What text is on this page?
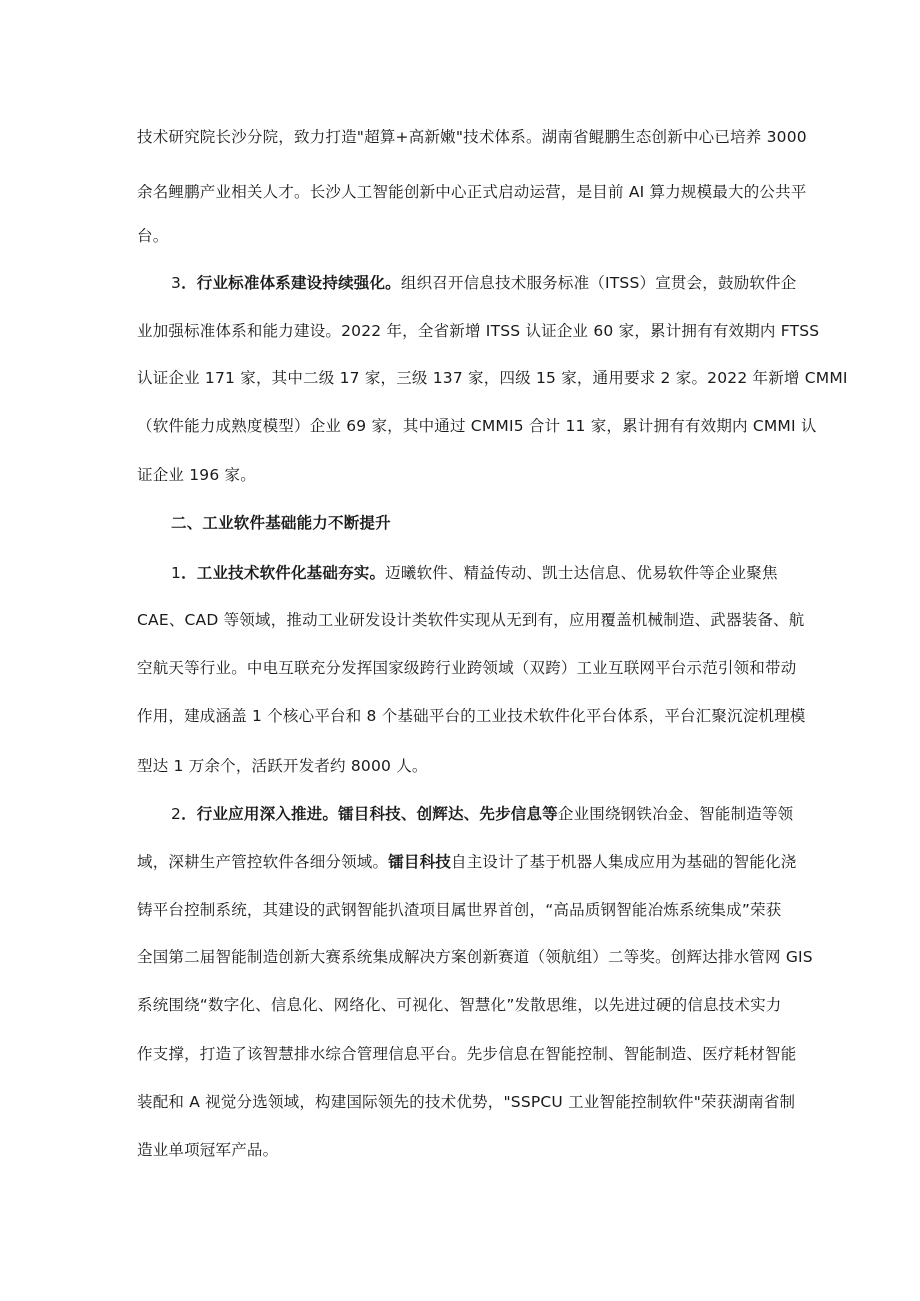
技术研究院长沙分院，致力打造"超算+高新嫩"技术体系。湖南省鲲鹏生态创新中心已培养 3000
余名鲤鹏产业相关人才。长沙人工智能创新中心正式启动运营，是目前 AI 算力规模最大的公共平
台。
3．行业标准体系建设持续强化。组织召开信息技术服务标准（ITSS）宣贯会，鼓励软件企
业加强标准体系和能力建设。2022 年，全省新增 ITSS 认证企业 60 家，累计拥有有效期内 FTSS
认证企业 171 家，其中二级 17 家，三级 137 家，四级 15 家，通用要求 2 家。2022 年新增 CMMI
（软件能力成熟度模型）企业 69 家，其中通过 CMMI5 合计 11 家，累计拥有有效期内 CMMI 认
证企业 196 家。
二、工业软件基础能力不断提升
1．工业技术软件化基础夯实。迈曦软件、精益传动、凯士达信息、优易软件等企业聚焦
CAE、CAD 等领域，推动工业研发设计类软件实现从无到有，应用覆盖机械制造、武器装备、航
空航天等行业。中电互联充分发挥国家级跨行业跨领域（双跨）工业互联网平台示范引领和带动
作用，建成涵盖 1 个核心平台和 8 个基础平台的工业技术软件化平台体系，平台汇聚沉淀机理模
型达 1 万余个，活跃开发者约 8000 人。
2．行业应用深入推进。镭目科技、创辉达、先步信息等企业围绕钢铁冶金、智能制造等领
域，深耕生产管控软件各细分领域。镭目科技自主设计了基于机器人集成应用为基础的智能化浇
铸平台控制系统，其建设的武钢智能扒渣项目属世界首创，“高品质钢智能冶炼系统集成”荣获
全国第二届智能制造创新大赛系统集成解决方案创新赛道（领航组）二等奖。创辉达排水管网 GIS
系统围绕“数字化、信息化、网络化、可视化、智慧化”发散思维，以先进过硬的信息技术实力
作支撑，打造了该智慧排水综合管理信息平台。先步信息在智能控制、智能制造、医疗耗材智能
装配和 A 视觉分选领域，构建国际领先的技术优势，"SSPCU 工业智能控制软件"荣获湖南省制
造业单项冠军产品。
